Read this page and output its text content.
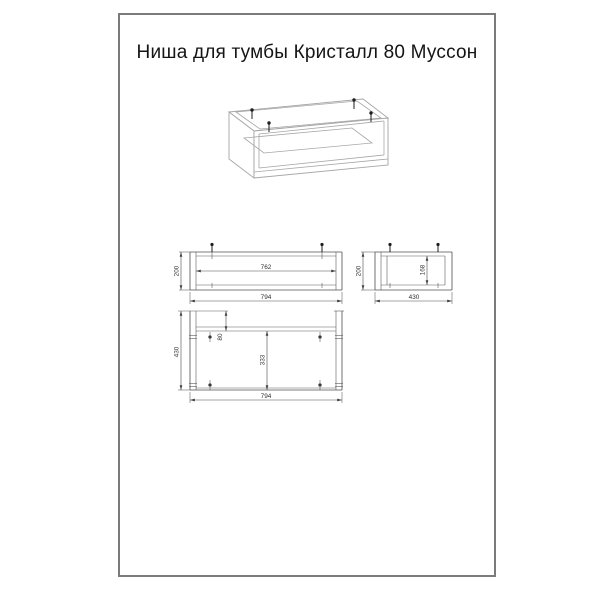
Ниша для тумбы Кристалл 80 Муссон
762
200
794
168
200
430
80
333
430
794
